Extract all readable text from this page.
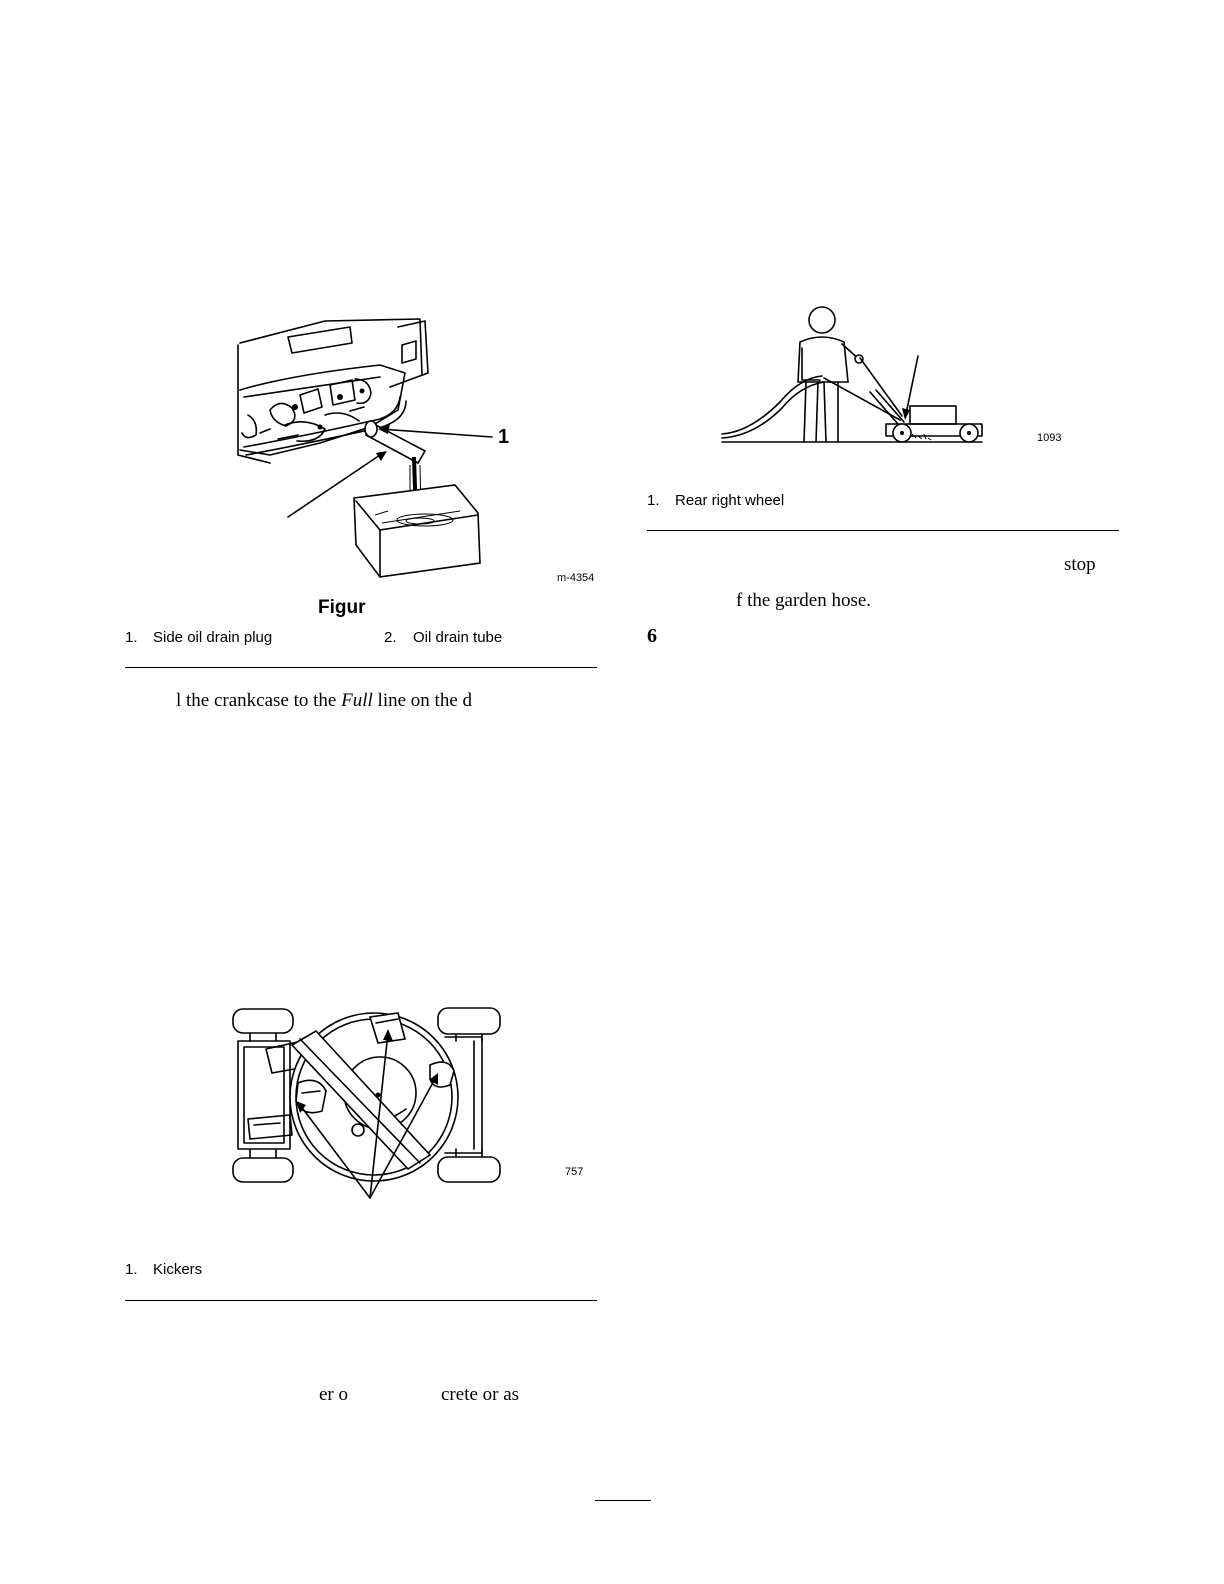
1
m-4354
Figur
1. Side oil drain plug	2. Oil drain tube
l the crankcase to the Full line on the d
757
1. Kickers
er o	crete or as
1093
1. Rear right wheel
stop
f the garden hose.
6
